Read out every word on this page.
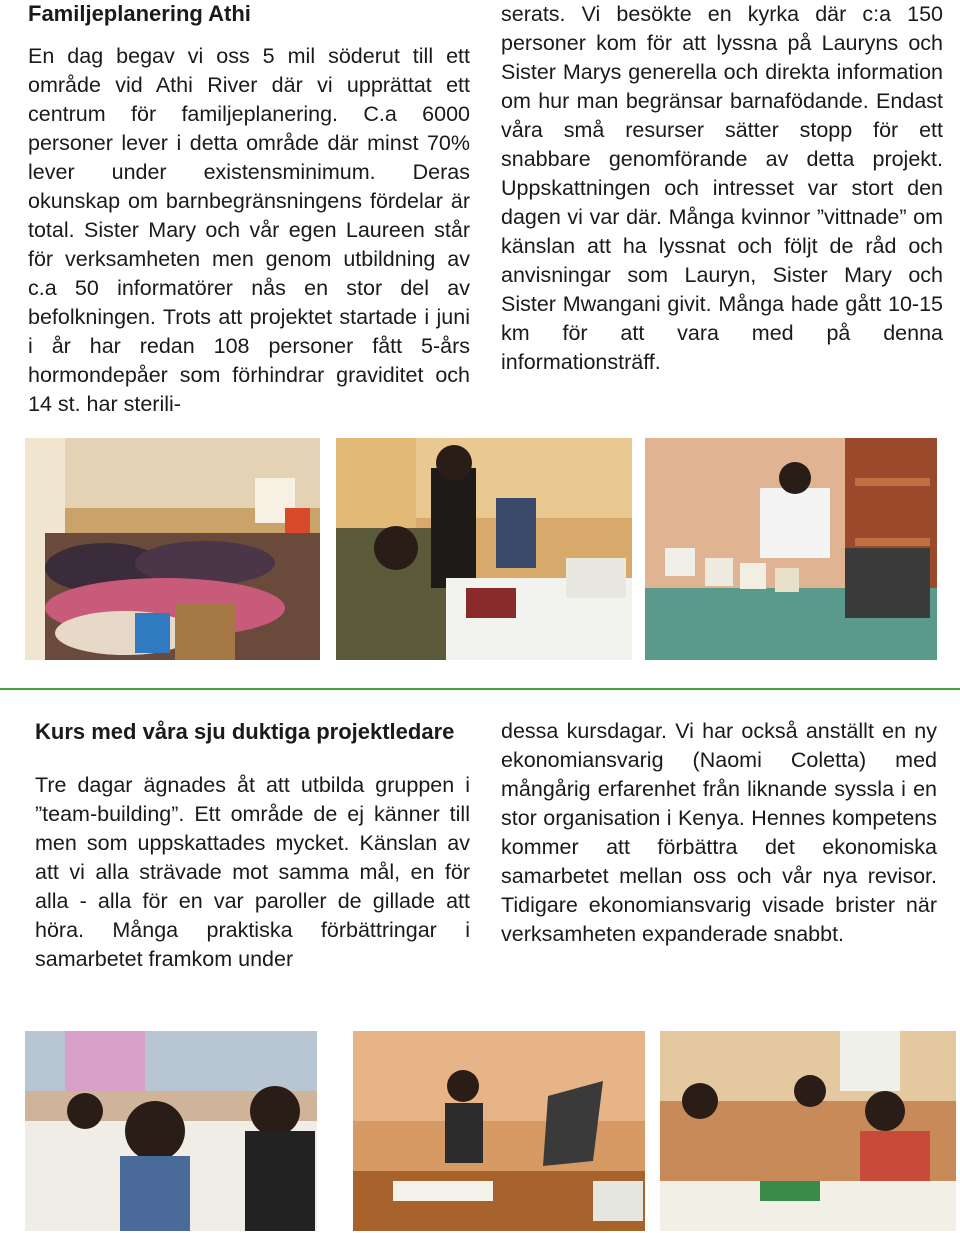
Familjeplanering Athi

En dag begav vi oss 5 mil söderut till ett område vid Athi River där vi upprättat ett centrum för familjeplanering. C.a 6000 personer lever i detta område där minst 70% lever under existensminimum. Deras okunskap om barnbegränsningens fördelar är total. Sister Mary och vår egen Laureen står för verksamheten men genom utbildning av c.a 50 informatörer nås en stor del av befolkningen. Trots att projektet startade i juni i år har redan 108 personer fått 5-års hormondepåer som förhindrar graviditet och 14 st. har sterili-

serats. Vi besökte en kyrka där c:a 150 personer kom för att lyssna på Lauryns och Sister Marys generella och direkta information om hur man begränsar barnafödande. Endast våra små resurser sätter stopp för ett snabbare genomförande av detta projekt. Uppskattningen och intresset var stort den dagen vi var där. Många kvinnor ”vittnade” om känslan att ha lyssnat och följt de råd och anvisningar som Lauryn, Sister Mary och Sister Mwangani givit. Många hade gått 10-15 km för att vara med på denna informationsträff.

Kurs med våra sju duktiga projektledare

Tre dagar ägnades åt att utbilda gruppen i ”team-building”. Ett område de ej känner till men som uppskattades mycket. Känslan av att vi alla strävade mot samma mål, en för alla - alla för en var paroller de gillade att höra. Många praktiska förbättringar i samarbetet framkom under

dessa kursdagar. Vi har också anställt en ny ekonomiansvarig (Naomi Coletta) med mångårig erfarenhet från liknande syssla i en stor organisation i Kenya. Hennes kompetens kommer att förbättra det ekonomiska samarbetet mellan oss och vår nya revisor. Tidigare ekonomiansvarig visade brister när verksamheten expanderade snabbt.
